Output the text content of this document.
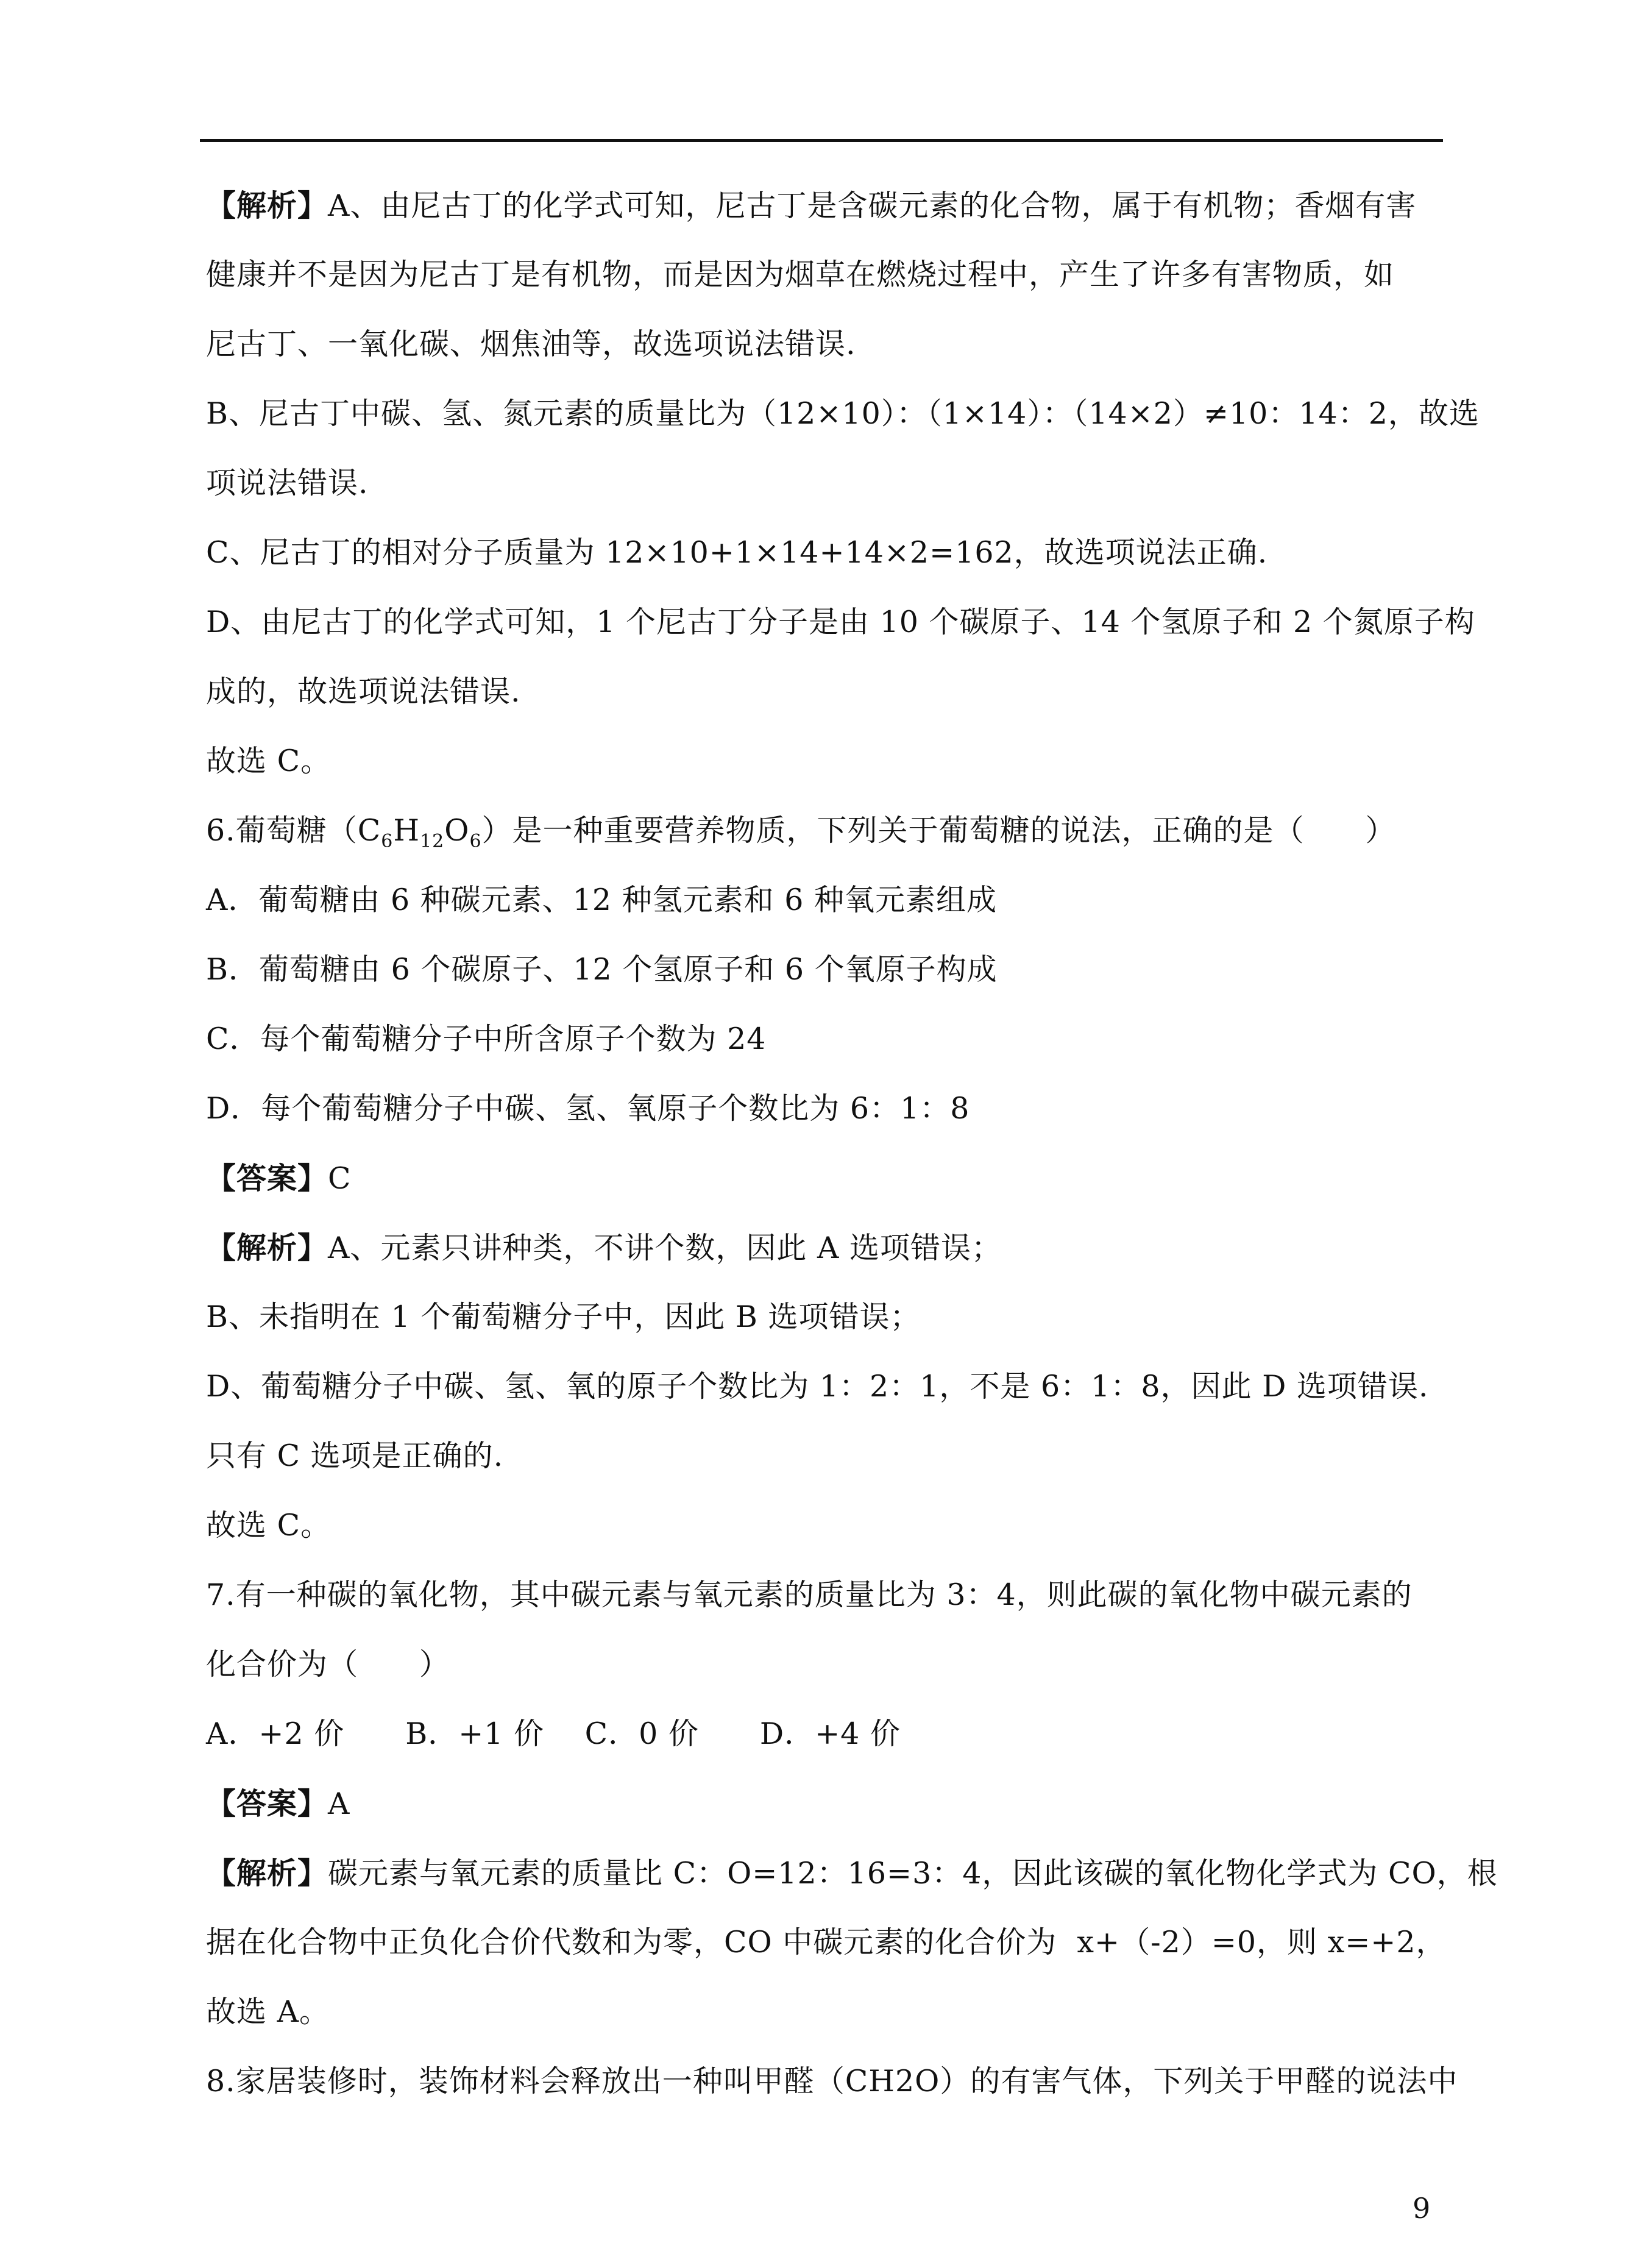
【解析】A、由尼古丁的化学式可知，尼古丁是含碳元素的化合物，属于有机物；香烟有害
健康并不是因为尼古丁是有机物，而是因为烟草在燃烧过程中，产生了许多有害物质，如
尼古丁、一氧化碳、烟焦油等，故选项说法错误.
B、尼古丁中碳、氢、氮元素的质量比为（12×10）：（1×14）：（14×2）≠10：14：2，故选
项说法错误.
C、尼古丁的相对分子质量为 12×10+1×14+14×2=162，故选项说法正确.
D、由尼古丁的化学式可知，1 个尼古丁分子是由 10 个碳原子、14 个氢原子和 2 个氮原子构
成的，故选项说法错误.
故选 C。
6.葡萄糖$(C_6H_{12}O_6)$是一种重要营养物质，下列关于葡萄糖的说法，正确的是（　　）
A．葡萄糖由 6 种碳元素、12 种氢元素和 6 种氧元素组成
B．葡萄糖由 6 个碳原子、12 个氢原子和 6 个氧原子构成
C．每个葡萄糖分子中所含原子个数为 24
D．每个葡萄糖分子中碳、氢、氧原子个数比为 6：1：8
【答案】C
【解析】A、元素只讲种类，不讲个数，因此 A 选项错误；
B、未指明在 1 个葡萄糖分子中，因此 B 选项错误；
D、葡萄糖分子中碳、氢、氧的原子个数比为 1：2：1，不是 6：1：8，因此 D 选项错误.
只有 C 选项是正确的.
故选 C。
7.有一种碳的氧化物，其中碳元素与氧元素的质量比为 3：4，则此碳的氧化物中碳元素的
化合价为（　　）
A．+2 价　　B．+1 价　 C．0 价　　D．+4 价
【答案】A
【解析】碳元素与氧元素的质量比 C：O=12：16=3：4，因此该碳的氧化物化学式为 CO，根
据在化合物中正负化合价代数和为零，CO 中碳元素的化合价为  x+（-2）=0，则 x=+2，
故选 A。
8.家居装修时，装饰材料会释放出一种叫甲醛（CH2O）的有害气体，下列关于甲醛的说法中
9
